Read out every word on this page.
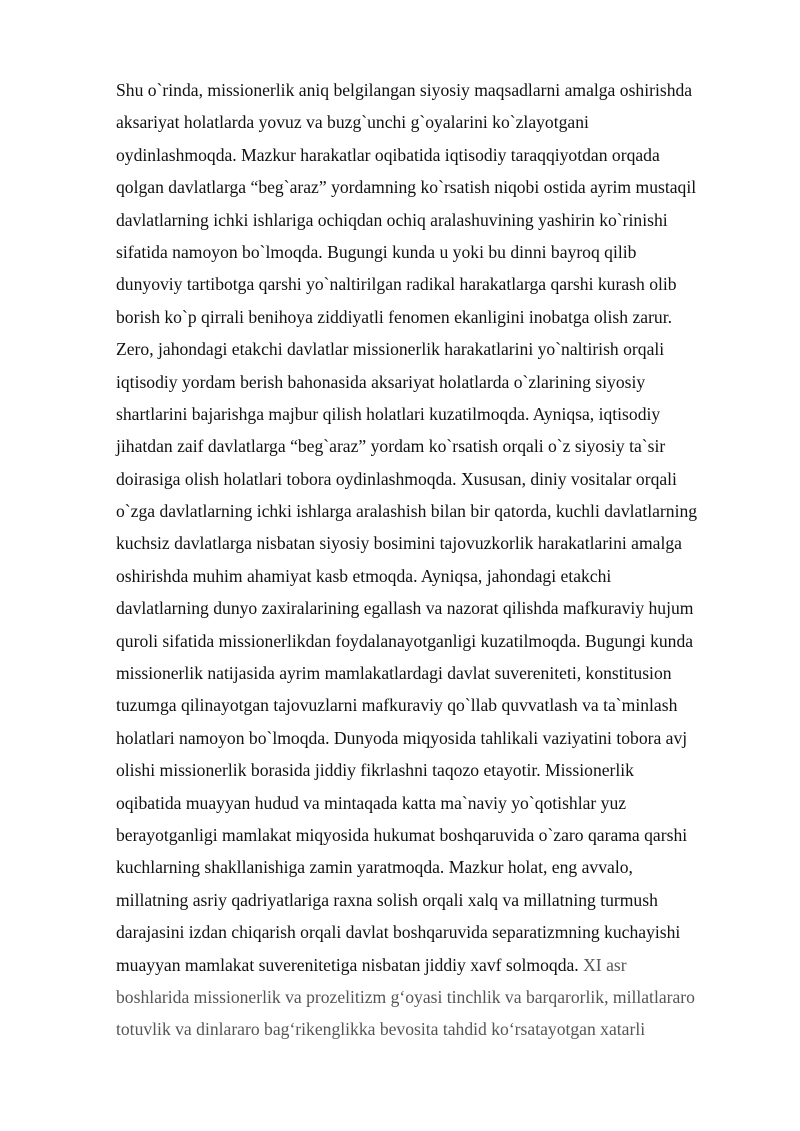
Shu o`rinda, missionerlik aniq belgilangan siyosiy maqsadlarni amalga oshirishda
aksariyat holatlarda yovuz va buzg`unchi g`oyalarini ko`zlayotgani
oydinlashmoqda. Mazkur harakatlar oqibatida iqtisodiy taraqqiyotdan orqada
qolgan davlatlarga “beg`araz” yordamning ko`rsatish niqobi ostida ayrim mustaqil
davlatlarning ichki ishlariga ochiqdan ochiq aralashuvining yashirin ko`rinishi
sifatida namoyon bo`lmoqda. Bugungi kunda u yoki bu dinni bayroq qilib
dunyoviy tartibotga qarshi yo`naltirilgan radikal harakatlarga qarshi kurash olib
borish ko`p qirrali benihoya ziddiyatli fenomen ekanligini inobatga olish zarur.
Zero, jahondagi etakchi davlatlar missionerlik harakatlarini yo`naltirish orqali
iqtisodiy yordam berish bahonasida aksariyat holatlarda o`zlarining siyosiy
shartlarini bajarishga majbur qilish holatlari kuzatilmoqda. Ayniqsa, iqtisodiy
jihatdan zaif davlatlarga “beg`araz” yordam ko`rsatish orqali o`z siyosiy ta`sir
doirasiga olish holatlari tobora oydinlashmoqda. Xususan, diniy vositalar orqali
o`zga davlatlarning ichki ishlarga aralashish bilan bir qatorda, kuchli davlatlarning
kuchsiz davlatlarga nisbatan siyosiy bosimini tajovuzkorlik harakatlarini amalga
oshirishda muhim ahamiyat kasb etmoqda. Ayniqsa, jahondagi etakchi
davlatlarning dunyo zaxiralarining egallash va nazorat qilishda mafkuraviy hujum
quroli sifatida missionerlikdan foydalanayotganligi kuzatilmoqda. Bugungi kunda
missionerlik natijasida ayrim mamlakatlardagi davlat suvereniteti, konstitusion
tuzumga qilinayotgan tajovuzlarni mafkuraviy qo`llab quvvatlash va ta`minlash
holatlari namoyon bo`lmoqda. Dunyoda miqyosida tahlikali vaziyatini tobora avj
olishi missionerlik borasida jiddiy fikrlashni taqozo etayotir. Missionerlik
oqibatida muayyan hudud va mintaqada katta ma`naviy yo`qotishlar yuz
berayotganligi mamlakat miqyosida hukumat boshqaruvida o`zaro qarama qarshi
kuchlarning shakllanishiga zamin yaratmoqda. Mazkur holat, eng avvalo,
millatning asriy qadriyatlariga raxna solish orqali xalq va millatning turmush
darajasini izdan chiqarish orqali davlat boshqaruvida separatizmning kuchayishi
muayyan mamlakat suverenitetiga nisbatan jiddiy xavf solmoqda. XI asr
boshlarida missionerlik va prozelitizm g‘oyasi tinchlik va barqarorlik, millatlararo
totuvlik va dinlararo bag‘rikenglikka bevosita tahdid ko‘rsatayotgan xatarli
